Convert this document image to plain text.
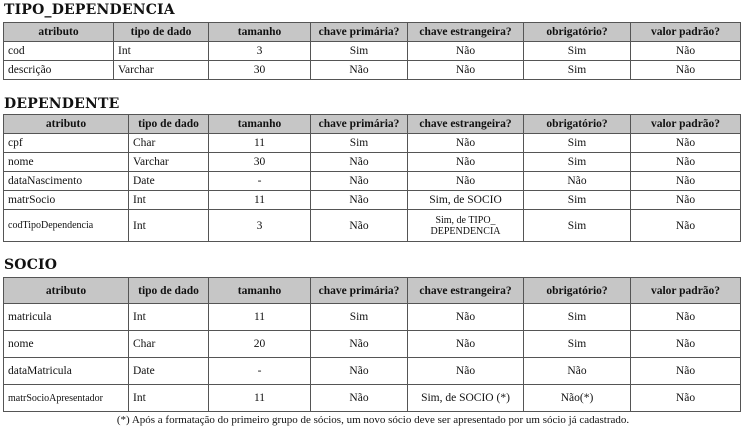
TIPO_DEPENDENCIA
atributo	tipo de dado	tamanho	chave primária?	chave estrangeira?	obrigatório?	valor padrão?
cod	Int	3	Sim	Não	Sim	Não
descrição	Varchar	30	Não	Não	Sim	Não
DEPENDENTE
atributo	tipo de dado	tamanho	chave primária?	chave estrangeira?	obrigatório?	valor padrão?
cpf	Char	11	Sim	Não	Sim	Não
nome	Varchar	30	Não	Não	Sim	Não
dataNascimento	Date	-	Não	Não	Não	Não
matrSocio	Int	11	Não	Sim, de SOCIO	Sim	Não
codTipoDependencia	Int	3	Não	Sim, de TIPO_ DEPENDENCIA	Sim	Não
SOCIO
atributo	tipo de dado	tamanho	chave primária?	chave estrangeira?	obrigatório?	valor padrão?
matricula	Int	11	Sim	Não	Sim	Não
nome	Char	20	Não	Não	Sim	Não
dataMatricula	Date	-	Não	Não	Não	Não
matrSocioApresentador	Int	11	Não	Sim, de SOCIO (*)	Não(*)	Não
(*) Após a formatação do primeiro grupo de sócios, um novo sócio deve ser apresentado por um sócio já cadastrado.
